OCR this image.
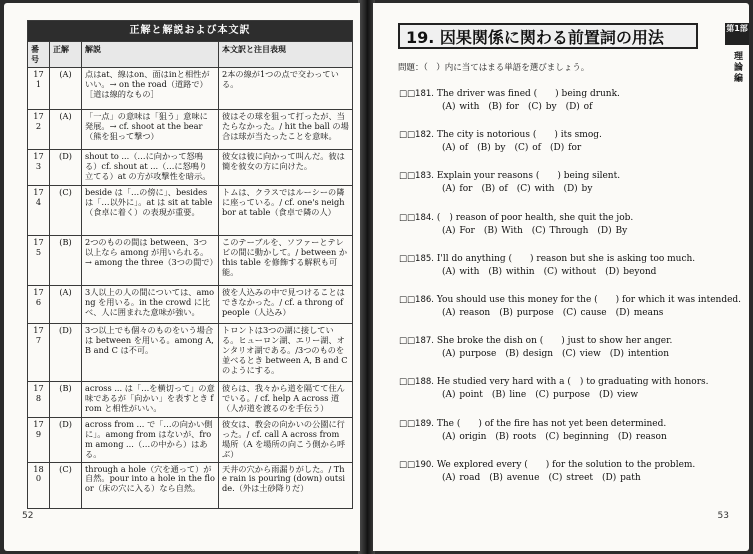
正解と解説および本文訳			
番号	正解	解説	本文訳と注目表現
171	(A)	点はat、線はon、面はinと相性がいい。→ on the road（道路で）［道は線的なもの］	2本の線が1つの点で交わっている。
172	(A)	「一点」の意味は「狙う」意味に発展。→ cf. shoot at the bear（熊を狙って撃つ）	彼はその球を狙って打ったが、当たらなかった。/ hit the ball の場合は球が当たったことを意味。
173	(D)	shout to ...（…に向かって怒鳴る）cf. shout at ...（…に怒鳴り立てる）at の方が攻撃性を暗示。	彼女は彼に向かって叫んだ。彼は簡を彼女の方に向けた。
174	(C)	beside は「…の傍に」、besides は「…以外に」。at は sit at table（食卓に着く）の表現が重要。	トムは、クラスではルーシーの隣に座っている。/ cf. one's neighbor at table（食卓で隣の人）
175	(B)	2つのものの間は between、3つ以上なら among が用いられる。→ among the three（3つの間で）	このテーブルを、ソファーとテレビの間に動かして。/ between かthis table を修飾する解釈も可能。
176	(A)	3人以上の人の間については、among を用いる。in the crowd に比べ、人に囲まれた意味が強い。	彼を人込みの中で見つけることはできなかった。/ cf. a throng of people（人込み）
177	(D)	3つ以上でも個々のものをいう場合は between を用いる。among A, B and C は不可。	トロントは3つの湖に接している。ヒューロン湖、エリー湖、オンタリオ湖である。/3つのものを並べるとき between A, B and C のようにする。
178	(B)	across ... は「…を横切って」の意味であるが「向かい」を表すとき from と相性がいい。	彼らは、我々から道を隔てて住んでいる。/ cf. help A across 道（人が道を渡るのを手伝う）
179	(D)	across from ... で「…の向かい側に」。among from はないが、from among ...（…の中から）はある。	彼女は、教会の向かいの公園に行った。/ cf. call A across from 場所（A を場所の向こう側から呼ぶ）
180	(C)	through a hole（穴を通って）が自然。pour into a hole in the floor（床の穴に入る）なら自然。	天井の穴から雨漏りがした。/ The rain is pouring (down) outside.（外は土砂降りだ）
52
19. 因果関係に関わる前置詞の用法	第1部
理論編
問題：（　）内に当てはまる単語を選びましょう。
□□181. The driver was fined (　　) being drunk.
(A) with (B) for (C) by (D) of
□□182. The city is notorious (　　) its smog.
(A) of (B) by (C) of (D) for
□□183. Explain your reasons (　　) being silent.
(A) for (B) of (C) with (D) by
□□184. (　) reason of poor health, she quit the job.
(A) For (B) With (C) Through (D) By
□□185. I'll do anything (　　) reason but she is asking too much.
(A) with (B) within (C) without (D) beyond
□□186. You should use this money for the (　　) for which it was intended.
(A) reason (B) purpose (C) cause (D) means
□□187. She broke the dish on (　　) just to show her anger.
(A) purpose (B) design (C) view (D) intention
□□188. He studied very hard with a (　) to graduating with honors.
(A) point (B) line (C) purpose (D) view
□□189. The (　　) of the fire has not yet been determined.
(A) origin (B) roots (C) beginning (D) reason
□□190. We explored every (　　) for the solution to the problem.
(A) road (B) avenue (C) street (D) path
53
